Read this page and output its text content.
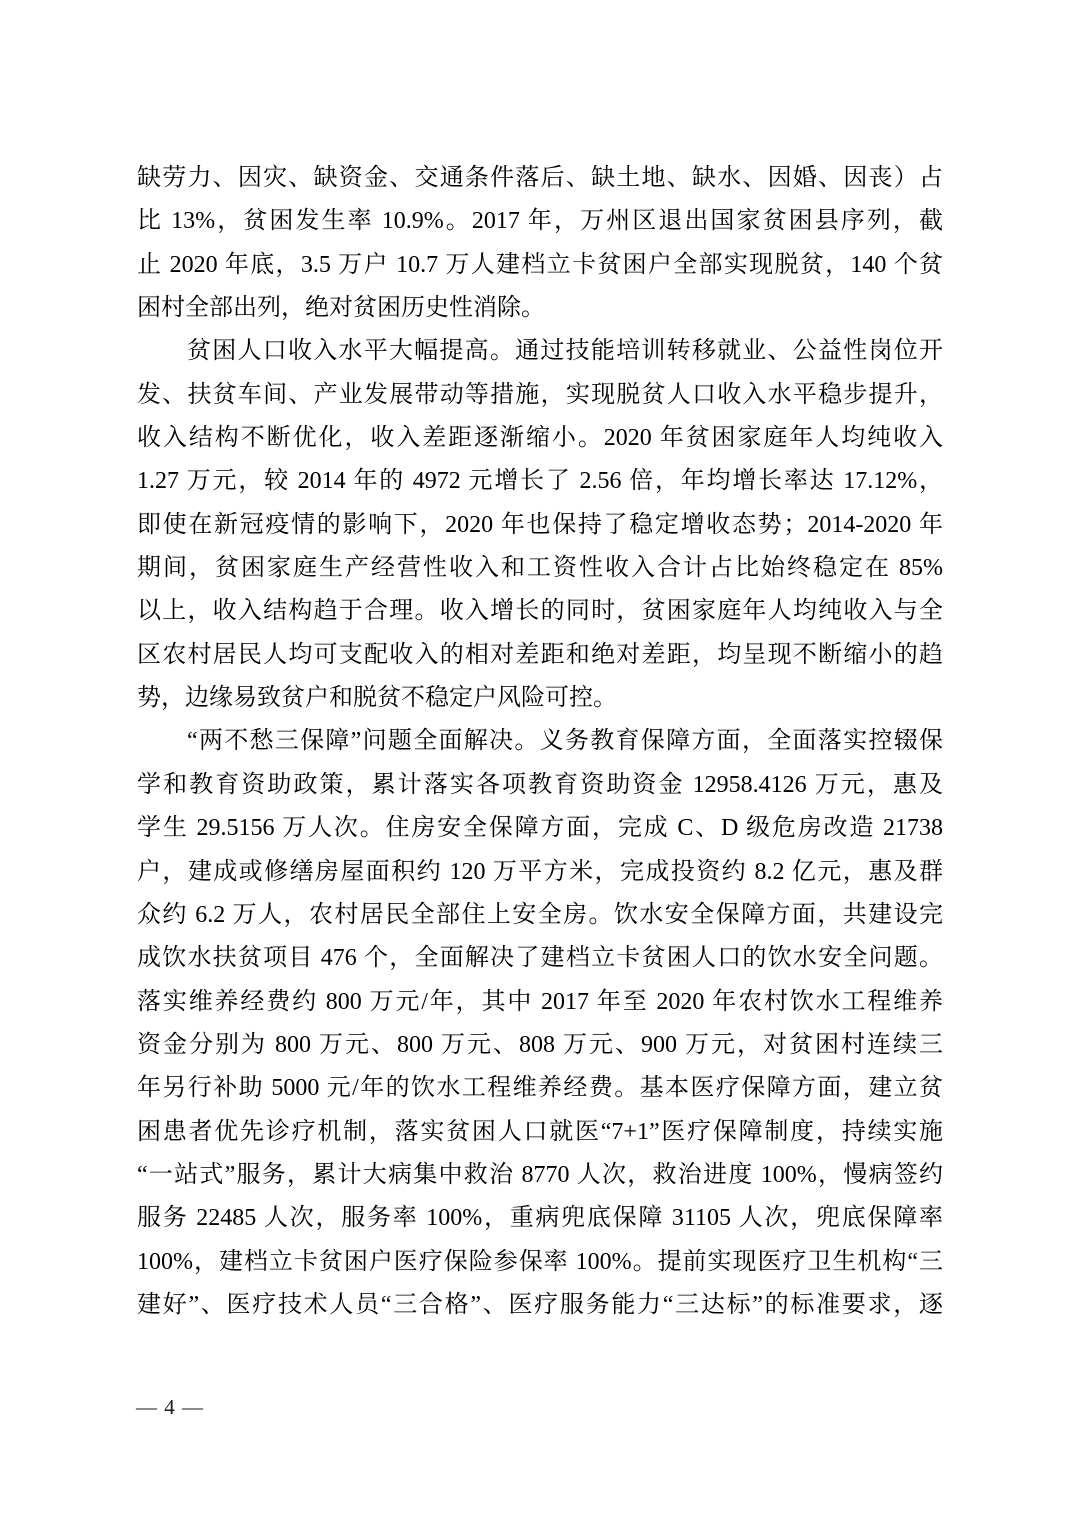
缺劳力、因灾、缺资金、交通条件落后、缺土地、缺水、因婚、因丧）占

比 13%，贫困发生率 10.9%。2017 年，万州区退出国家贫困县序列，截

止 2020 年底，3.5 万户 10.7 万人建档立卡贫困户全部实现脱贫，140 个贫

困村全部出列，绝对贫困历史性消除。

贫困人口收入水平大幅提高。通过技能培训转移就业、公益性岗位开

发、扶贫车间、产业发展带动等措施，实现脱贫人口收入水平稳步提升，

收入结构不断优化，收入差距逐渐缩小。2020 年贫困家庭年人均纯收入

1.27 万元，较 2014 年的 4972 元增长了 2.56 倍，年均增长率达 17.12%，

即使在新冠疫情的影响下，2020 年也保持了稳定增收态势；2014-2020 年

期间，贫困家庭生产经营性收入和工资性收入合计占比始终稳定在 85%

以上，收入结构趋于合理。收入增长的同时，贫困家庭年人均纯收入与全

区农村居民人均可支配收入的相对差距和绝对差距，均呈现不断缩小的趋

势，边缘易致贫户和脱贫不稳定户风险可控。

“两不愁三保障”问题全面解决。义务教育保障方面，全面落实控辍保

学和教育资助政策，累计落实各项教育资助资金 12958.4126 万元，惠及

学生 29.5156 万人次。住房安全保障方面，完成 C、D 级危房改造 21738

户，建成或修缮房屋面积约 120 万平方米，完成投资约 8.2 亿元，惠及群

众约 6.2 万人，农村居民全部住上安全房。饮水安全保障方面，共建设完

成饮水扶贫项目 476 个，全面解决了建档立卡贫困人口的饮水安全问题。

落实维养经费约 800 万元/年，其中 2017 年至 2020 年农村饮水工程维养

资金分别为 800 万元、800 万元、808 万元、900 万元，对贫困村连续三

年另行补助 5000 元/年的饮水工程维养经费。基本医疗保障方面，建立贫

困患者优先诊疗机制，落实贫困人口就医“7+1”医疗保障制度，持续实施

“一站式”服务，累计大病集中救治 8770 人次，救治进度 100%，慢病签约

服务 22485 人次，服务率 100%，重病兜底保障 31105 人次，兜底保障率

100%，建档立卡贫困户医疗保险参保率 100%。提前实现医疗卫生机构“三

建好”、医疗技术人员“三合格”、医疗服务能力“三达标”的标准要求，逐

— 4 —
